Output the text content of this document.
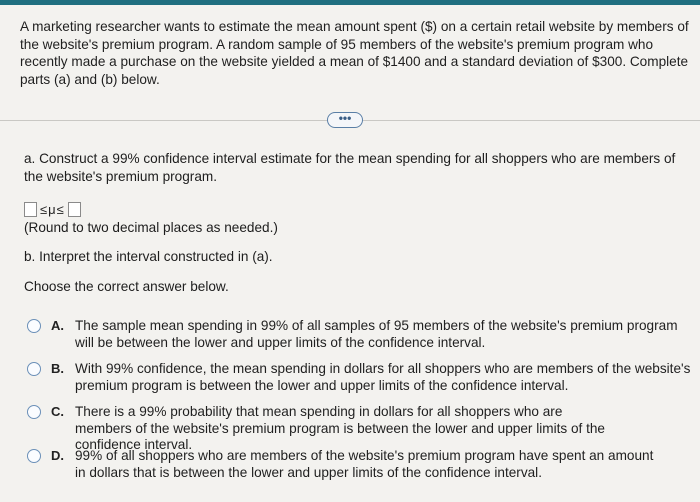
A marketing researcher wants to estimate the mean amount spent ($) on a certain retail website by members of the website's premium program. A random sample of 95 members of the website's premium program who recently made a purchase on the website yielded a mean of $1400 and a standard deviation of $300. Complete parts (a) and (b) below.
•••
a. Construct a 99% confidence interval estimate for the mean spending for all shoppers who are members of the website's premium program.
≤μ≤
(Round to two decimal places as needed.)
b. Interpret the interval constructed in (a).
Choose the correct answer below.
A. The sample mean spending in 99% of all samples of 95 members of the website's premium program will be between the lower and upper limits of the confidence interval.
B. With 99% confidence, the mean spending in dollars for all shoppers who are members of the website's premium program is between the lower and upper limits of the confidence interval.
C. There is a 99% probability that mean spending in dollars for all shoppers who are members of the website's premium program is between the lower and upper limits of the confidence interval.
D. 99% of all shoppers who are members of the website's premium program have spent an amount in dollars that is between the lower and upper limits of the confidence interval.
